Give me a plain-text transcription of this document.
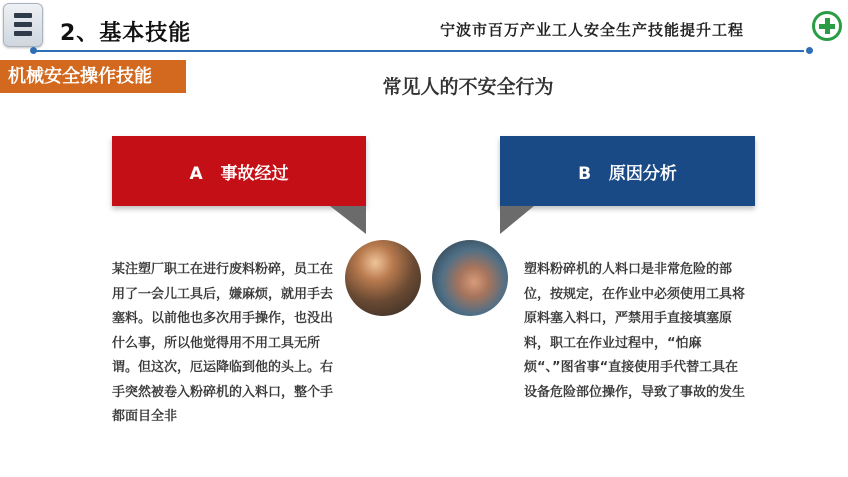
2、基本技能	宁波市百万产业工人安全生产技能提升工程
机械安全操作技能	常见人的不安全行为
A   事故经过	B   原因分析
某注塑厂职工在进行废料粉碎，员工在用了一会儿工具后，嫌麻烦，就用手去塞料。以前他也多次用手操作，也没出什么事，所以他觉得用不用工具无所谓。但这次，厄运降临到他的头上。右手突然被卷入粉碎机的入料口，整个手都面目全非
塑料粉碎机的人料口是非常危险的部位，按规定，在作业中必须使用工具将原料塞入料口，严禁用手直接填塞原料，职工在作业过程中，“怕麻烦“、”图省事“直接使用手代替工具在设备危险部位操作，导致了事故的发生
